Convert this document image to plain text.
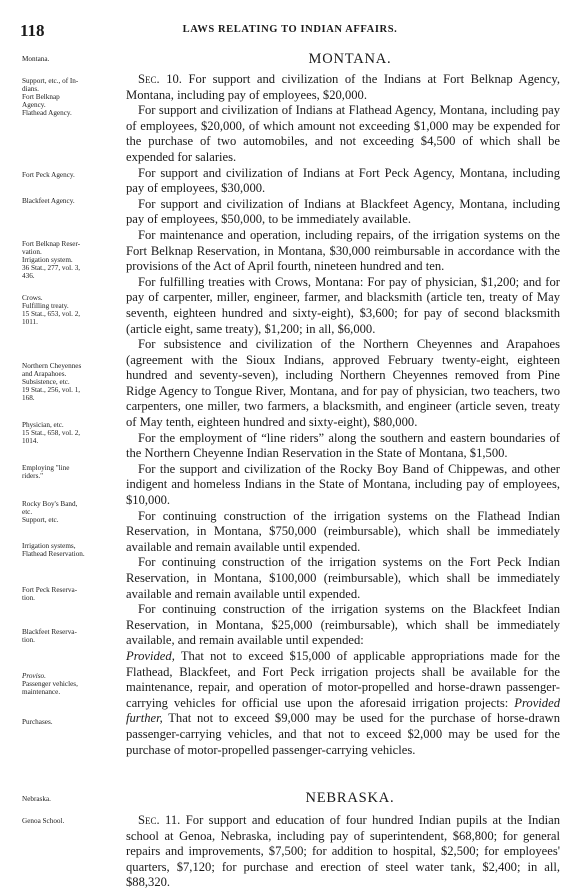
118	LAWS RELATING TO INDIAN AFFAIRS.
Montana.	MONTANA.
Support, etc., of In-
dians.
Fort Belknap
Agency.
Flathead Agency.
Fort Peck Agency.
Blackfeet Agency.
Fort Belknap Reser-
vation.
Irrigation system.
36 Stat., 277, vol. 3,
436.
Crows.
Fulfilling treaty.
15 Stat., 653, vol. 2,
1011.
Northern Cheyennes
and Arapahoes.
Subsistence, etc.
19 Stat., 256, vol. 1,
168.
Physician, etc.
15 Stat., 658, vol. 2,
1014.
Employing "line
riders."
Rocky Boy's Band,
etc.
Support, etc.
Irrigation systems,
Flathead Reservation.
Fort Peck Reserva-
tion.
Blackfeet Reserva-
tion.
Proviso.
Passenger vehicles,
maintenance.
Purchases.

Sec. 10. For support and civilization of the Indians at Fort Belknap Agency, Montana, including pay of employees, $20,000.

For support and civilization of Indians at Flathead Agency, Montana, including pay of employees, $20,000, of which amount not exceeding $1,000 may be expended for the purchase of two automobiles, and not exceeding $4,500 of which shall be expended for salaries.

For support and civilization of Indians at Fort Peck Agency, Montana, including pay of employees, $30,000.

For support and civilization of Indians at Blackfeet Agency, Montana, including pay of employees, $50,000, to be immediately available.

For maintenance and operation, including repairs, of the irrigation systems on the Fort Belknap Reservation, in Montana, $30,000 reimbursable in accordance with the provisions of the Act of April fourth, nineteen hundred and ten.

For fulfilling treaties with Crows, Montana: For pay of physician, $1,200; and for pay of carpenter, miller, engineer, farmer, and blacksmith (article ten, treaty of May seventh, eighteen hundred and sixty-eight), $3,600; for pay of second blacksmith (article eight, same treaty), $1,200; in all, $6,000.

For subsistence and civilization of the Northern Cheyennes and Arapahoes (agreement with the Sioux Indians, approved February twenty-eight, eighteen hundred and seventy-seven), including Northern Cheyennes removed from Pine Ridge Agency to Tongue River, Montana, and for pay of physician, two teachers, two carpenters, one miller, two farmers, a blacksmith, and engineer (article seven, treaty of May tenth, eighteen hundred and sixty-eight), $80,000.

For the employment of “line riders” along the southern and eastern boundaries of the Northern Cheyenne Indian Reservation in the State of Montana, $1,500.

For the support and civilization of the Rocky Boy Band of Chippewas, and other indigent and homeless Indians in the State of Montana, including pay of employees, $10,000.

For continuing construction of the irrigation systems on the Flathead Indian Reservation, in Montana, $750,000 (reimbursable), which shall be immediately available and remain available until expended.

For continuing construction of the irrigation systems on the Fort Peck Indian Reservation, in Montana, $100,000 (reimbursable), which shall be immediately available and remain available until expended.

For continuing construction of the irrigation systems on the Blackfeet Indian Reservation, in Montana, $25,000 (reimbursable), which shall be immediately available, and remain available until expended:

Provided, That not to exceed $15,000 of applicable appropriations made for the Flathead, Blackfeet, and Fort Peck irrigation projects shall be available for the maintenance, repair, and operation of motor-propelled and horse-drawn passenger-carrying vehicles for official use upon the aforesaid irrigation projects: Provided further, That not to exceed $9,000 may be used for the purchase of horse-drawn passenger-carrying vehicles, and that not to exceed $2,000 may be used for the purchase of motor-propelled passenger-carrying vehicles.

Nebraska.	NEBRASKA.
Genoa School.	Sec. 11. For support and education of four hundred Indian pupils at the Indian school at Genoa, Nebraska, including pay of superintendent, $68,800; for general repairs and improvements, $7,500; for addition to hospital, $2,500; for employees' quarters, $7,120; for purchase and erection of steel water tank, $2,400; in all, $88,320.
